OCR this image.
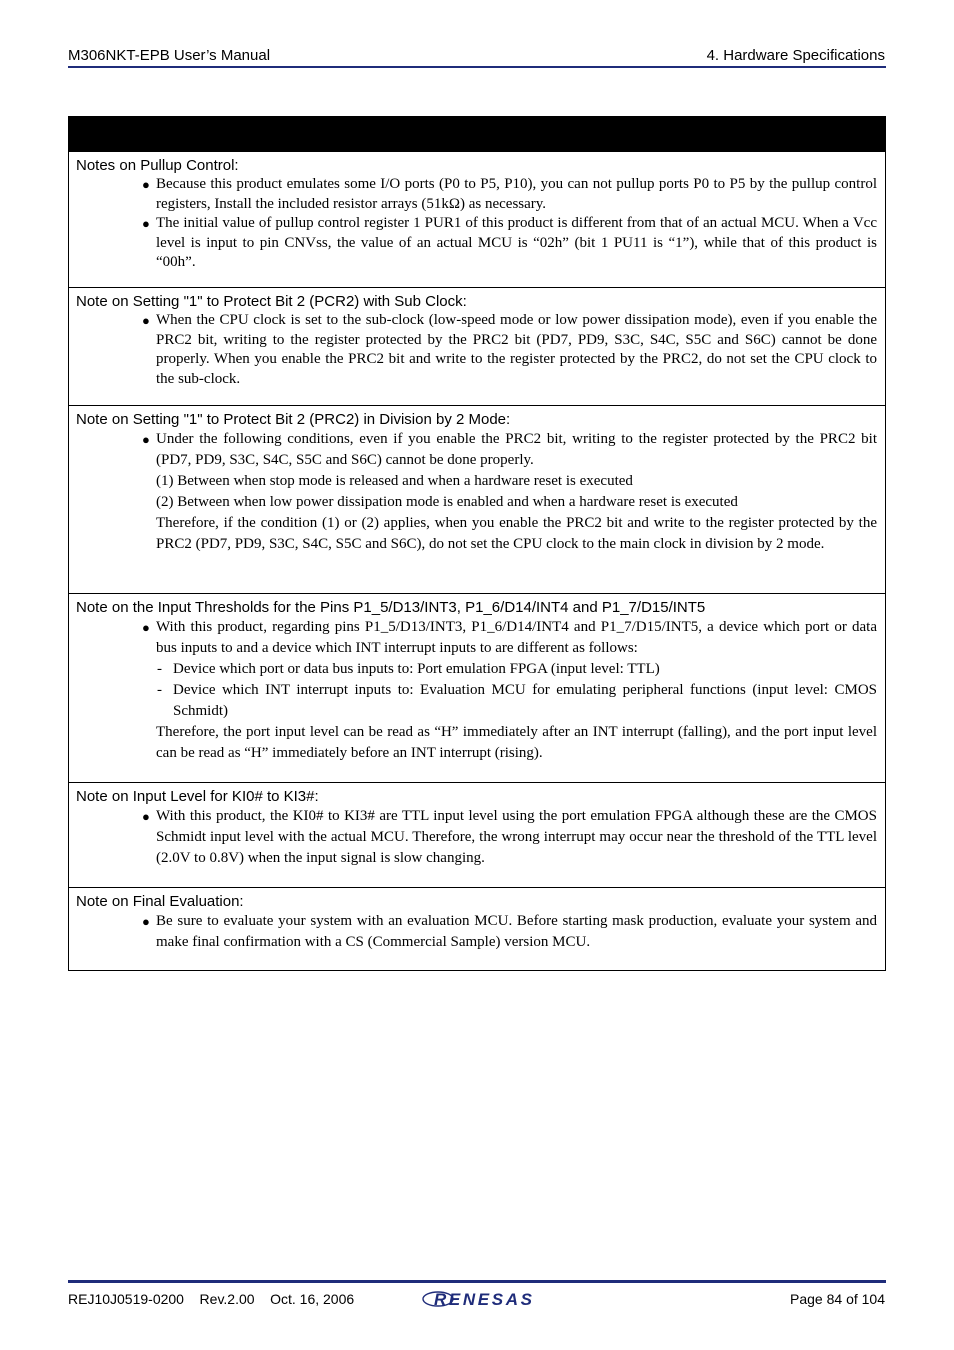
M306NKT-EPB User’s Manual	4. Hardware Specifications
Notes on Pullup Control:
● Because this product emulates some I/O ports (P0 to P5, P10), you can not pullup ports P0 to P5 by the pullup control registers, Install the included resistor arrays (51kΩ) as necessary.
● The initial value of pullup control register 1 PUR1 of this product is different from that of an actual MCU. When a Vcc level is input to pin CNVss, the value of an actual MCU is “02h” (bit 1 PU11 is “1”), while that of this product is “00h”.
Note on Setting "1" to Protect Bit 2 (PCR2) with Sub Clock:
● When the CPU clock is set to the sub-clock (low-speed mode or low power dissipation mode), even if you enable the PRC2 bit, writing to the register protected by the PRC2 bit (PD7, PD9, S3C, S4C, S5C and S6C) cannot be done properly. When you enable the PRC2 bit and write to the register protected by the PRC2, do not set the CPU clock to the sub-clock.
Note on Setting "1" to Protect Bit 2 (PRC2) in Division by 2 Mode:
● Under the following conditions, even if you enable the PRC2 bit, writing to the register protected by the PRC2 bit (PD7, PD9, S3C, S4C, S5C and S6C) cannot be done properly.
(1) Between when stop mode is released and when a hardware reset is executed
(2) Between when low power dissipation mode is enabled and when a hardware reset is executed
Therefore, if the condition (1) or (2) applies, when you enable the PRC2 bit and write to the register protected by the PRC2 (PD7, PD9, S3C, S4C, S5C and S6C), do not set the CPU clock to the main clock in division by 2 mode.
Note on the Input Thresholds for the Pins P1_5/D13/INT3, P1_6/D14/INT4 and P1_7/D15/INT5
● With this product, regarding pins P1_5/D13/INT3, P1_6/D14/INT4 and P1_7/D15/INT5, a device which port or data bus inputs to and a device which INT interrupt inputs to are different as follows:
- Device which port or data bus inputs to: Port emulation FPGA (input level: TTL)
- Device which INT interrupt inputs to: Evaluation MCU for emulating peripheral functions (input level: CMOS Schmidt)
Therefore, the port input level can be read as “H” immediately after an INT interrupt (falling), and the port input level can be read as “H” immediately before an INT interrupt (rising).
Note on Input Level for KI0# to KI3#:
● With this product, the KI0# to KI3# are TTL input level using the port emulation FPGA although these are the CMOS Schmidt input level with the actual MCU. Therefore, the wrong interrupt may occur near the threshold of the TTL level (2.0V to 0.8V) when the input signal is slow changing.
Note on Final Evaluation:
● Be sure to evaluate your system with an evaluation MCU. Before starting mask production, evaluate your system and make final confirmation with a CS (Commercial Sample) version MCU.
REJ10J0519-0200 Rev.2.00 Oct. 16, 2006	RENESAS	Page 84 of 104
